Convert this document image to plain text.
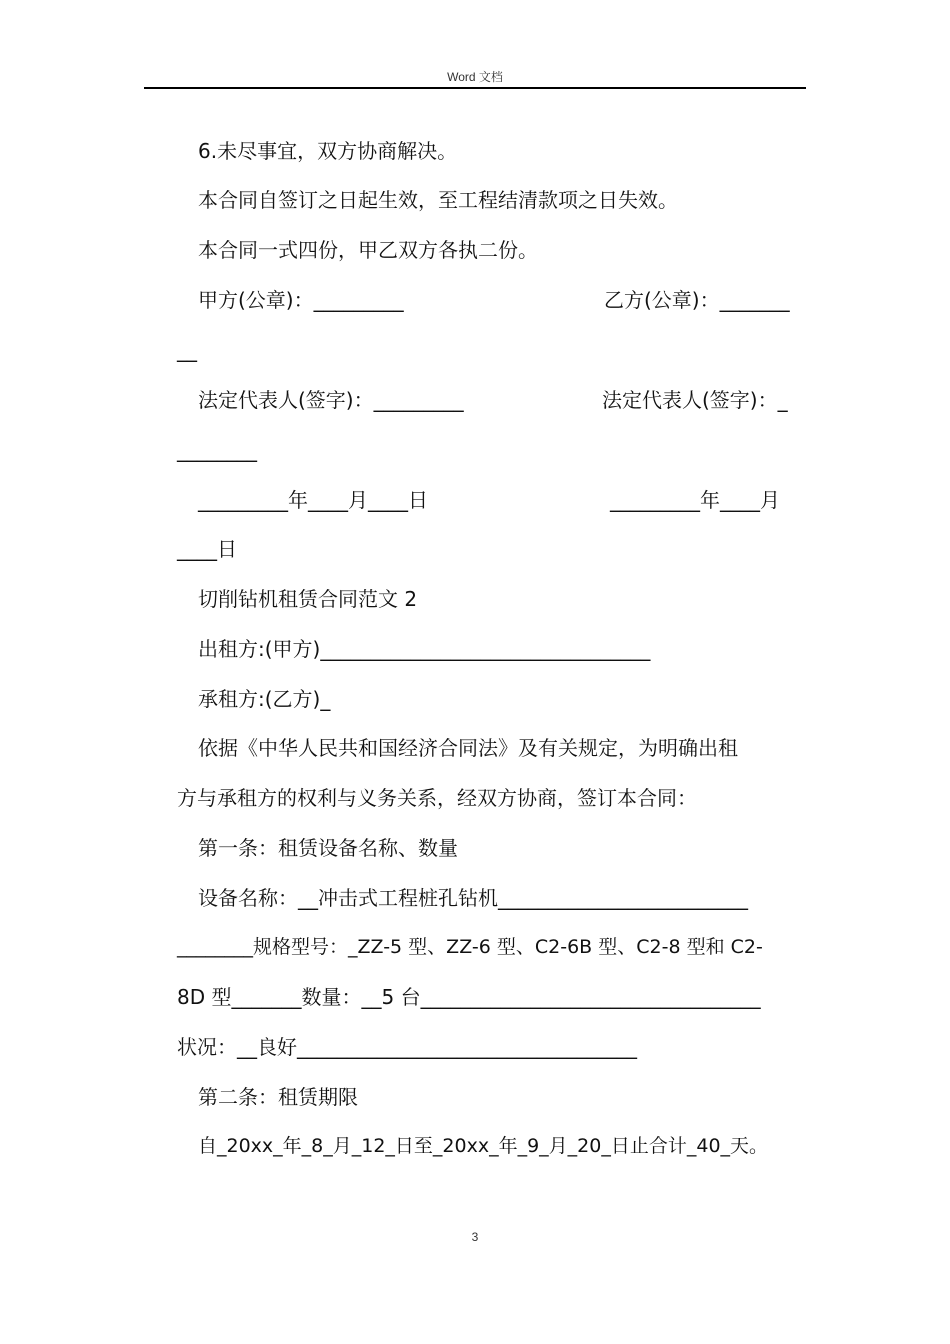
Word 文档
6.未尽事宜，双方协商解决。
本合同自签订之日起生效，至工程结清款项之日失效。
本合同一式四份，甲乙双方各执二份。
甲方(公章)：_________	乙方(公章)：_______
__
法定代表人(签字)：_________	法定代表人(签字)：_
________
_________年____月____日	_________年____月
____日
切削钻机租赁合同范文 2
出租方:(甲方)_________________________________
承租方:(乙方)_
依据《中华人民共和国经济合同法》及有关规定，为明确出租
方与承租方的权利与义务关系，经双方协商，签订本合同：
第一条：租赁设备名称、数量
设备名称：__冲击式工程桩孔钻机_________________________
________规格型号：_ZZ-5 型、ZZ-6 型、C2-6B 型、C2-8 型和 C2-
8D 型_______数量：__5 台__________________________________
状况：__良好__________________________________
第二条：租赁期限
自_20xx_年_8_月_12_日至_20xx_年_9_月_20_日止合计_40_天。
3
